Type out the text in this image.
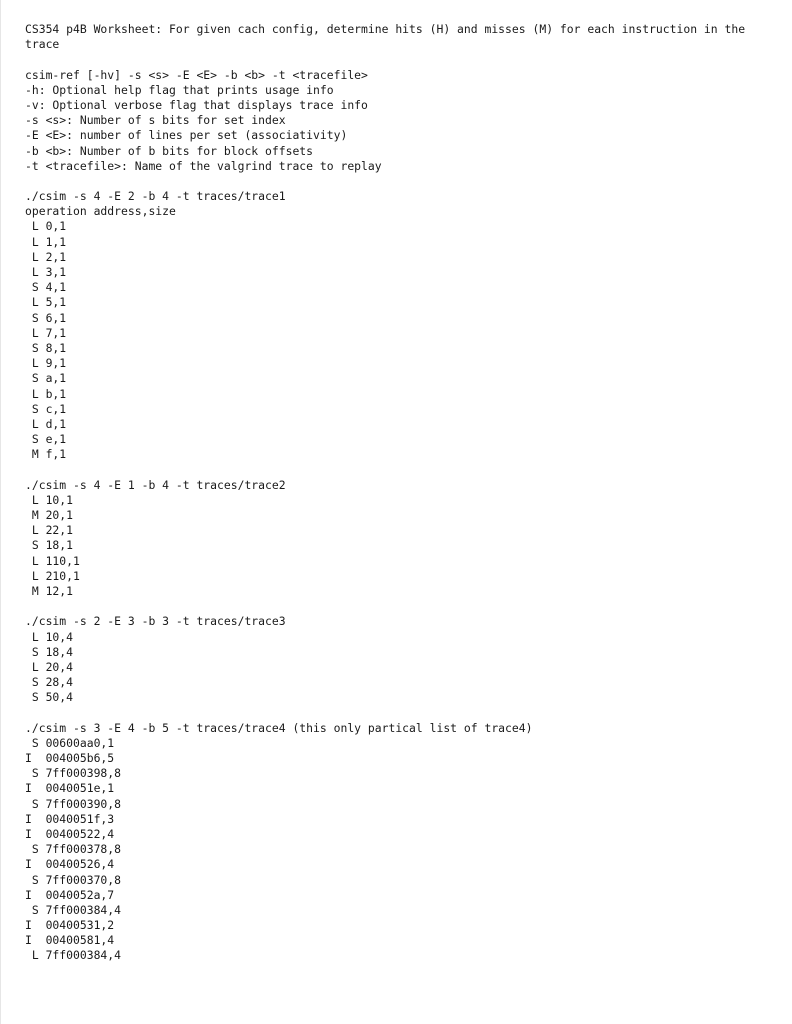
CS354 p4B Worksheet: For given cach config, determine hits (H) and misses (M) for each instruction in the trace
csim-ref [-hv] -s <s> -E <E> -b <b> -t <tracefile>
-h: Optional help flag that prints usage info
-v: Optional verbose flag that displays trace info
-s <s>: Number of s bits for set index
-E <E>: number of lines per set (associativity)
-b <b>: Number of b bits for block offsets
-t <tracefile>: Name of the valgrind trace to replay
./csim -s 4 -E 2 -b 4 -t traces/trace1
operation address,size
L 0,1
L 1,1
L 2,1
L 3,1
S 4,1
L 5,1
S 6,1
L 7,1
S 8,1
L 9,1
S a,1
L b,1
S c,1
L d,1
S e,1
M f,1
./csim -s 4 -E 1 -b 4 -t traces/trace2
L 10,1
M 20,1
L 22,1
S 18,1
L 110,1
L 210,1
M 12,1
./csim -s 2 -E 3 -b 3 -t traces/trace3
L 10,4
S 18,4
L 20,4
S 28,4
S 50,4
./csim -s 3 -E 4 -b 5 -t traces/trace4 (this only partical list of trace4)
S 00600aa0,1
I  004005b6,5
S 7ff000398,8
I  0040051e,1
S 7ff000390,8
I  0040051f,3
I  00400522,4
S 7ff000378,8
I  00400526,4
S 7ff000370,8
I  0040052a,7
S 7ff000384,4
I  00400531,2
I  00400581,4
L 7ff000384,4
